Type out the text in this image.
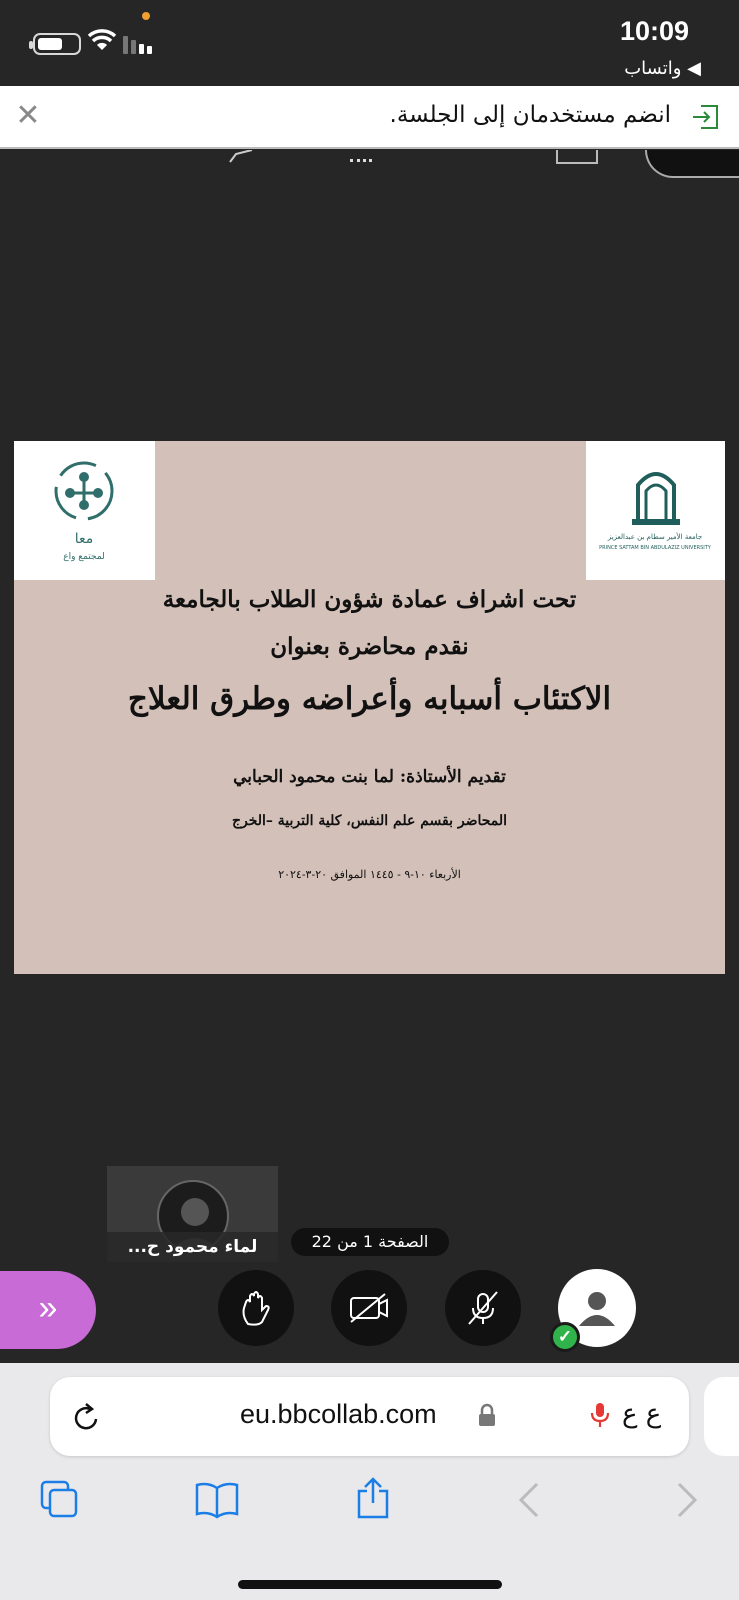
10:09
◀ واتساب
✕	انضم مستخدمان إلى الجلسة.
معا
لمجتمع واع
جامعة الأمير سطام بن عبدالعزيز
PRINCE SATTAM BIN ABDULAZIZ UNIVERSITY
تحت اشراف عمادة شؤون الطلاب بالجامعة
نقدم محاضرة بعنوان
الاكتئاب أسبابه وأعراضه وطرق العلاج
تقديم الأستاذة: لما بنت محمود الحبابي
المحاضر بقسم علم النفس، كلية التربية –الخرج
الأربعاء ١٠-٩ - ١٤٤٥ الموافق ٢٠-٣-٢٠٢٤
لماء محمود ح...	الصفحة 1 من 22
»
✓
eu.bbcollab.com	ع ع
